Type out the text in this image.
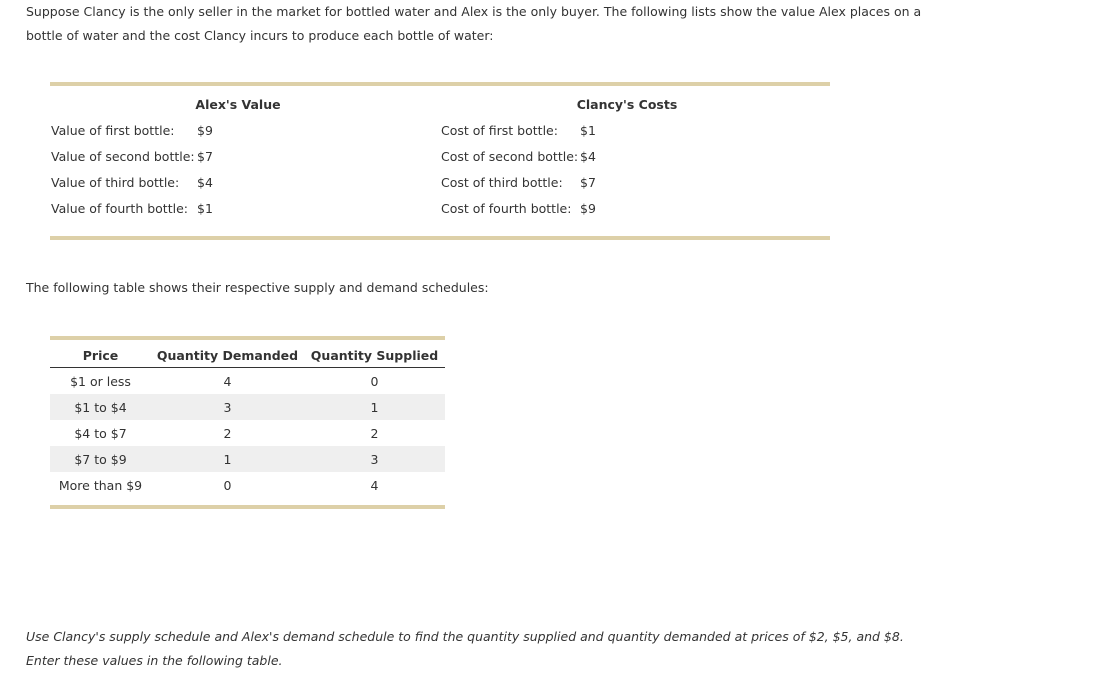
Suppose Clancy is the only seller in the market for bottled water and Alex is the only buyer. The following lists show the value Alex places on a bottle of water and the cost Clancy incurs to produce each bottle of water:

Alex's Value	Clancy's Costs
Value of first bottle: $9
Value of second bottle: $7
Value of third bottle: $4
Value of fourth bottle: $1
Cost of first bottle: $1
Cost of second bottle: $4
Cost of third bottle: $7
Cost of fourth bottle: $9

The following table shows their respective supply and demand schedules:

Price	Quantity Demanded	Quantity Supplied
$1 or less	4	0
$1 to $4	3	1
$4 to $7	2	2
$7 to $9	1	3
More than $9	0	4

Use Clancy's supply schedule and Alex's demand schedule to find the quantity supplied and quantity demanded at prices of $2, $5, and $8. Enter these values in the following table.
